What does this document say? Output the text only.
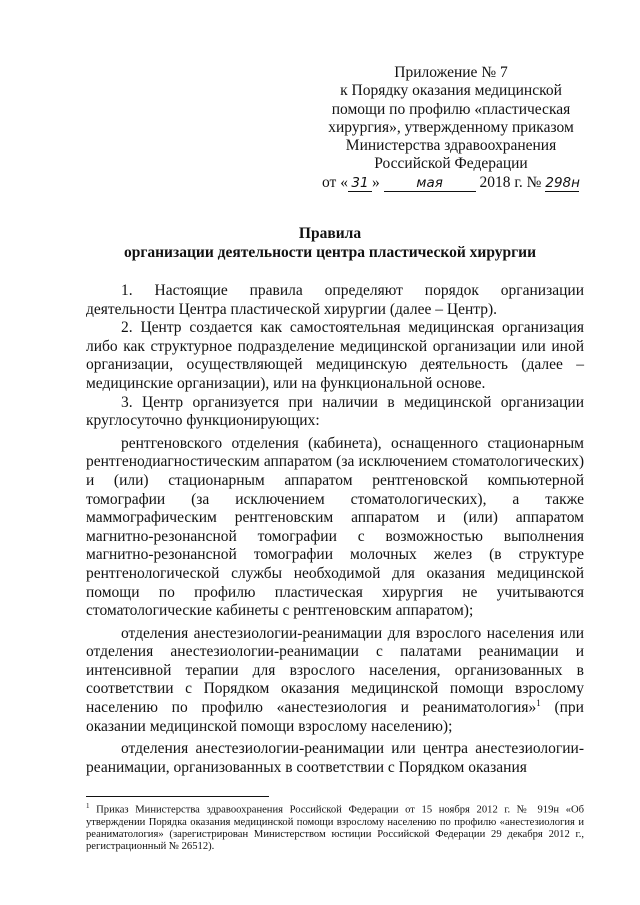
Приложение № 7
к Порядку оказания медицинской
помощи по профилю «пластическая
хирургия», утвержденному приказом
Министерства здравоохранения
Российской Федерации
от « 31 »	мая 2018 г. № 298н
Правила
организации деятельности центра пластической хирургии

1. Настоящие правила определяют порядок организации деятельности Центра пластической хирургии (далее – Центр).

2. Центр создается как самостоятельная медицинская организация либо как структурное подразделение медицинской организации или иной организации, осуществляющей медицинскую деятельность (далее – медицинские организации), или на функциональной основе.

3. Центр организуется при наличии в медицинской организации круглосуточно функционирующих:

рентгеновского отделения (кабинета), оснащенного стационарным рентгенодиагностическим аппаратом (за исключением стоматологических) и (или) стационарным аппаратом рентгеновской компьютерной томографии (за исключением стоматологических), а также маммографическим рентгеновским аппаратом и (или) аппаратом магнитно-резонансной томографии с возможностью выполнения магнитно-резонансной томографии молочных желез (в структуре рентгенологической службы необходимой для оказания медицинской помощи по профилю пластическая хирургия не учитываются стоматологические кабинеты с рентгеновским аппаратом);

отделения анестезиологии-реанимации для взрослого населения или отделения анестезиологии-реанимации с палатами реанимации и интенсивной терапии для взрослого населения, организованных в соответствии с Порядком оказания медицинской помощи взрослому населению по профилю «анестезиология и реаниматология»$^1$ (при оказании медицинской помощи взрослому населению);

отделения анестезиологии-реанимации или центра анестезиологии-реанимации, организованных в соответствии с Порядком оказания

$^1$ Приказ Министерства здравоохранения Российской Федерации от 15 ноября 2012 г. № 919н «Об утверждении Порядка оказания медицинской помощи взрослому населению по профилю «анестезиология и реаниматология» (зарегистрирован Министерством юстиции Российской Федерации 29 декабря 2012 г., регистрационный № 26512).
